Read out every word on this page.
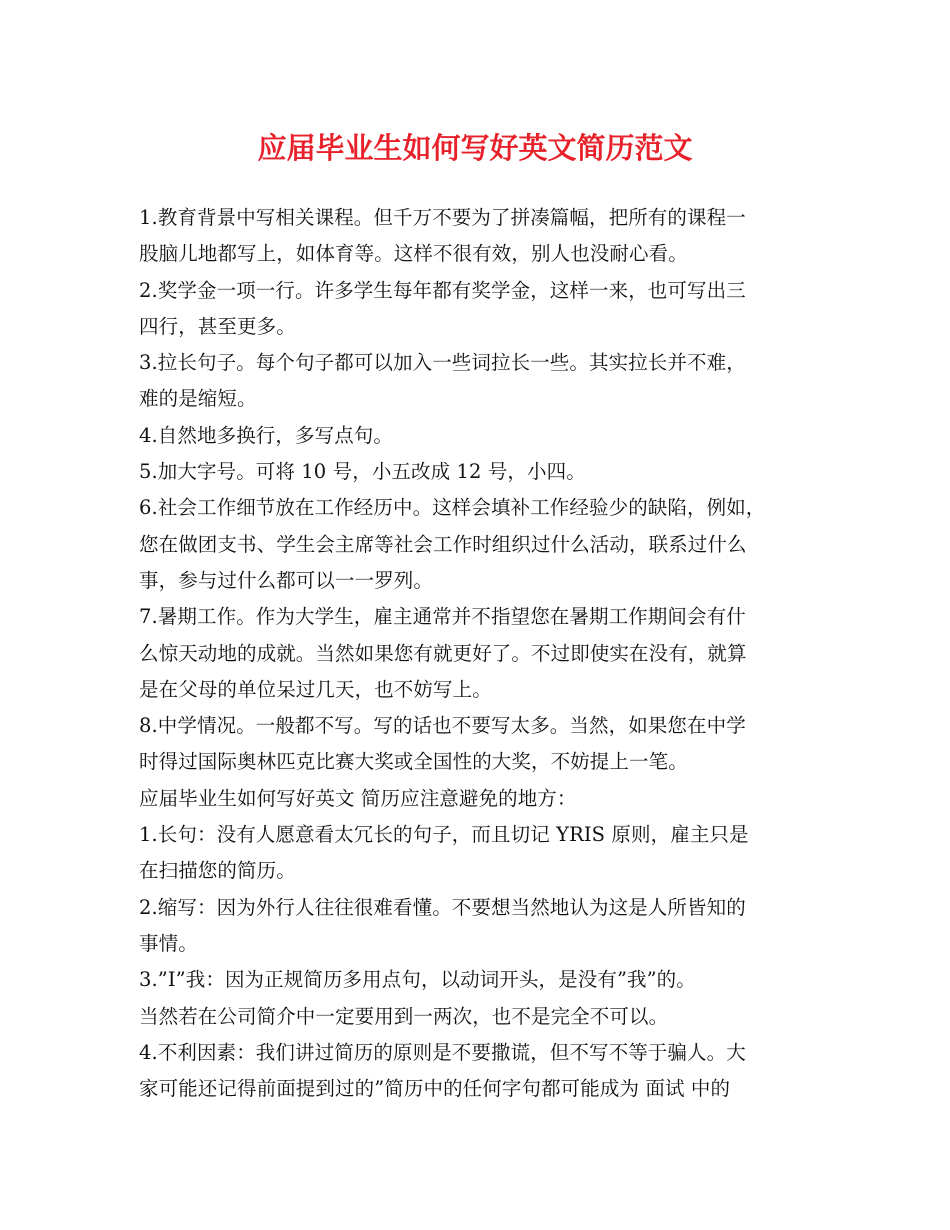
应届毕业生如何写好英文简历范文
1.教育背景中写相关课程。但千万不要为了拼凑篇幅，把所有的课程一
股脑儿地都写上，如体育等。这样不很有效，别人也没耐心看。
2.奖学金一项一行。许多学生每年都有奖学金，这样一来，也可写出三
四行，甚至更多。
3.拉长句子。每个句子都可以加入一些词拉长一些。其实拉长并不难，
难的是缩短。
4.自然地多换行，多写点句。
5.加大字号。可将 10 号，小五改成 12 号，小四。
6.社会工作细节放在工作经历中。这样会填补工作经验少的缺陷，例如，
您在做团支书、学生会主席等社会工作时组织过什么活动，联系过什么
事，参与过什么都可以一一罗列。
7.暑期工作。作为大学生，雇主通常并不指望您在暑期工作期间会有什
么惊天动地的成就。当然如果您有就更好了。不过即使实在没有，就算
是在父母的单位呆过几天，也不妨写上。
8.中学情况。一般都不写。写的话也不要写太多。当然，如果您在中学
时得过国际奥林匹克比赛大奖或全国性的大奖，不妨提上一笔。
应届毕业生如何写好英文 简历应注意避免的地方：
1.长句：没有人愿意看太冗长的句子，而且切记 YRIS 原则，雇主只是
在扫描您的简历。
2.缩写：因为外行人往往很难看懂。不要想当然地认为这是人所皆知的
事情。
3.”I”我：因为正规简历多用点句，以动词开头，是没有”我”的。
当然若在公司简介中一定要用到一两次，也不是完全不可以。
4.不利因素：我们讲过简历的原则是不要撒谎，但不写不等于骗人。大
家可能还记得前面提到过的”简历中的任何字句都可能成为 面试 中的
